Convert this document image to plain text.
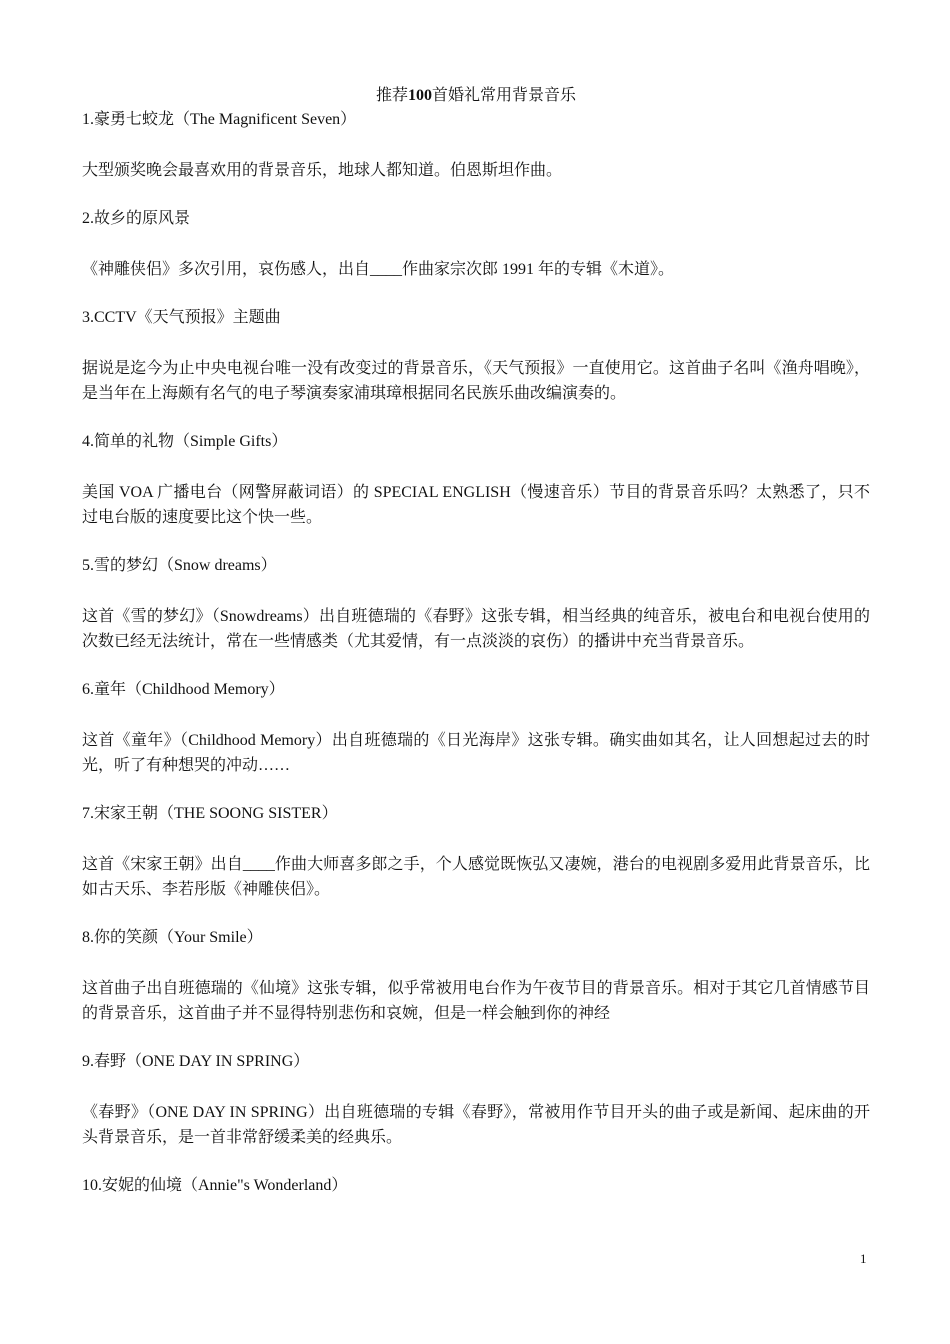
推荐100首婚礼常用背景音乐

1.豪勇七蛟龙（The Magnificent Seven）

大型颁奖晚会最喜欢用的背景音乐，地球人都知道。伯恩斯坦作曲。

2.故乡的原风景

《神雕侠侣》多次引用，哀伤感人，出自____作曲家宗次郎 1991 年的专辑《木道》。

3.CCTV《天气预报》主题曲

据说是迄今为止中央电视台唯一没有改变过的背景音乐，《天气预报》一直使用它。这首曲子名叫《渔舟唱晚》，是当年在上海颇有名气的电子琴演奏家浦琪璋根据同名民族乐曲改编演奏的。

4.简单的礼物（Simple Gifts）

美国 VOA 广播电台（网警屏蔽词语）的 SPECIAL ENGLISH（慢速音乐）节目的背景音乐吗？太熟悉了，只不过电台版的速度要比这个快一些。

5.雪的梦幻（Snow dreams）

这首《雪的梦幻》（Snowdreams）出自班德瑞的《春野》这张专辑，相当经典的纯音乐，被电台和电视台使用的次数已经无法统计，常在一些情感类（尤其爱情，有一点淡淡的哀伤）的播讲中充当背景音乐。

6.童年（Childhood Memory）

这首《童年》（Childhood Memory）出自班德瑞的《日光海岸》这张专辑。确实曲如其名，让人回想起过去的时光，听了有种想哭的冲动……

7.宋家王朝（THE SOONG SISTER）

这首《宋家王朝》出自____作曲大师喜多郎之手，个人感觉既恢弘又凄婉，港台的电视剧多爱用此背景音乐，比如古天乐、李若彤版《神雕侠侣》。

8.你的笑颜（Your Smile）

这首曲子出自班德瑞的《仙境》这张专辑，似乎常被用电台作为午夜节目的背景音乐。相对于其它几首情感节目的背景音乐，这首曲子并不显得特别悲伤和哀婉，但是一样会触到你的神经

9.春野（ONE DAY IN SPRING）

《春野》（ONE DAY IN SPRING）出自班德瑞的专辑《春野》，常被用作节目开头的曲子或是新闻、起床曲的开头背景音乐，是一首非常舒缓柔美的经典乐。

10.安妮的仙境（Annie"s Wonderland）

1
